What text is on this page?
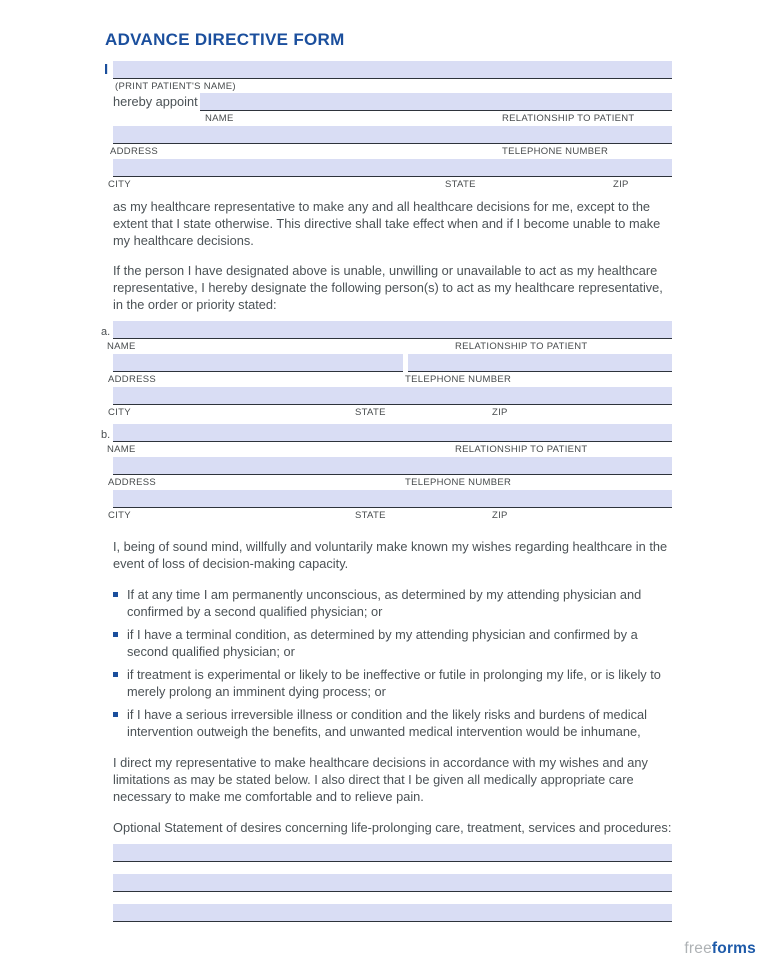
ADVANCE DIRECTIVE FORM
I
(PRINT PATIENT'S NAME)
hereby appoint
NAME	RELATIONSHIP TO PATIENT
ADDRESS	TELEPHONE NUMBER
CITY	STATE	ZIP

as my healthcare representative to make any and all healthcare decisions for me, except to the extent that I state otherwise. This directive shall take effect when and if I become unable to make my healthcare decisions.

If the person I have designated above is unable, unwilling or unavailable to act as my healthcare representative, I hereby designate the following person(s) to act as my healthcare representative, in the order or priority stated:

a.
NAME	RELATIONSHIP TO PATIENT
ADDRESS	TELEPHONE NUMBER
CITY	STATE	ZIP
b.
NAME	RELATIONSHIP TO PATIENT
ADDRESS	TELEPHONE NUMBER
CITY	STATE	ZIP

I, being of sound mind, willfully and voluntarily make known my wishes regarding healthcare in the event of loss of decision-making capacity.

If at any time I am permanently unconscious, as determined by my attending physician and confirmed by a second qualified physician; or
if I have a terminal condition, as determined by my attending physician and confirmed by a second qualified physician; or
if treatment is experimental or likely to be ineffective or futile in prolonging my life, or is likely to merely prolong an imminent dying process; or
if I have a serious irreversible illness or condition and the likely risks and burdens of medical intervention outweigh the benefits, and unwanted medical intervention would be inhumane,

I direct my representative to make healthcare decisions in accordance with my wishes and any limitations as may be stated below. I also direct that I be given all medically appropriate care necessary to make me comfortable and to relieve pain.

Optional Statement of desires concerning life-prolonging care, treatment, services and procedures:

freeforms
